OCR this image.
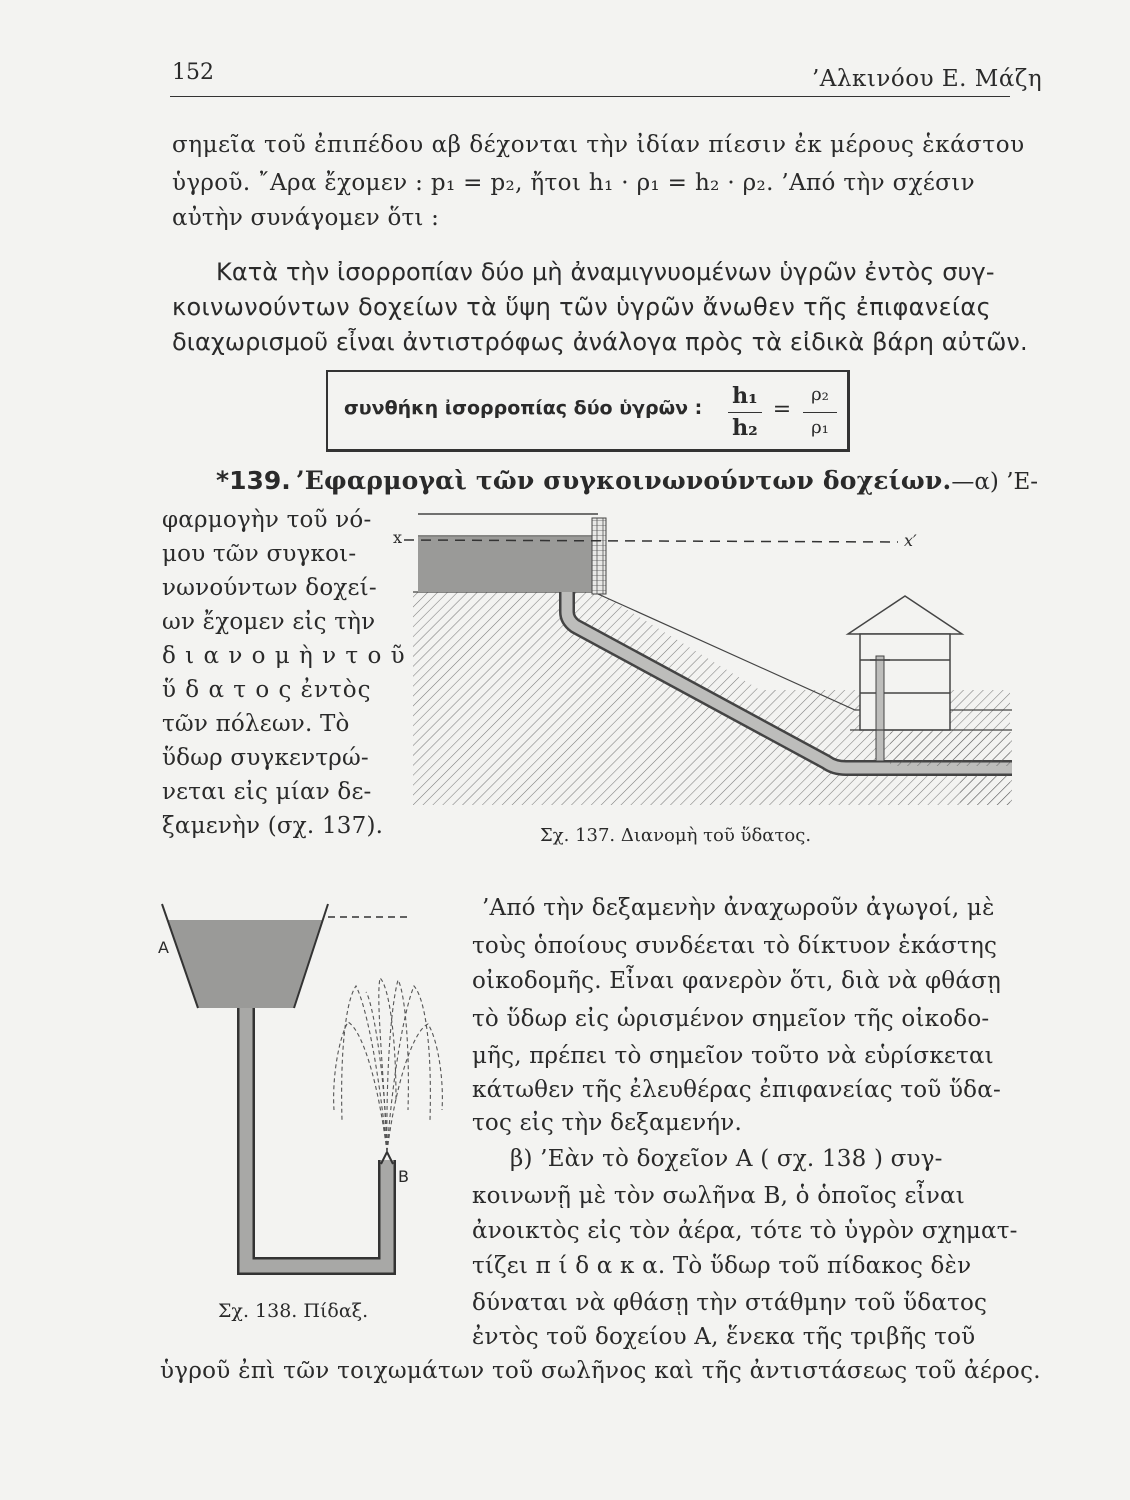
152	’Αλκινόου Ε. Μάζη
σημεῖα τοῦ ἐπιπέδου αβ δέχονται τὴν ἰδίαν πίεσιν ἐκ μέρους ἑκάστου
ὑγροῦ. ῎Αρα ἔχομεν : p₁ = p₂, ἤτοι h₁ · ρ₁ = h₂ · ρ₂. ’Από τὴν σχέσιν
αὐτὴν συνάγομεν ὅτι :
Κατὰ τὴν ἰσορροπίαν δύο μὴ ἀναμιγνυομένων ὑγρῶν ἐντὸς συγ-
κοινωνούντων δοχείων τὰ ὕψη τῶν ὑγρῶν ἄνωθεν τῆς ἐπιφανείας
διαχωρισμοῦ εἶναι ἀντιστρόφως ἀνάλογα πρὸς τὰ εἰδικὰ βάρη αὐτῶν.
συνθήκη ἰσορροπίας δύο ὑγρῶν :	h₁
h₂
=
ρ₂
ρ₁
*139. ’Εφαρμογαὶ τῶν συγκοινωνούντων δοχείων.—α) ’Ε-
φαρμογὴν τοῦ νό-
μου τῶν συγκοι-
νωνούντων δοχεί-
ων ἔχομεν εἰς τὴν
δ ι α ν ο μ ὴ ν τ ο ῦ
ὕ δ α τ ο ς ἐντὸς
τῶν πόλεων. Τὸ
ὕδωρ συγκεντρώ-
νεται εἰς μίαν δε-
ξαμενὴν (σχ. 137).
x	x′
Σχ. 137. Διανομὴ τοῦ ὕδατος.
A
B
Σχ. 138. Πίδαξ.
’Από τὴν δεξαμενὴν ἀναχωροῦν ἀγωγοί, μὲ
τοὺς ὁποίους συνδέεται τὸ δίκτυον ἑκάστης
οἰκοδομῆς. Εἶναι φανερὸν ὅτι, διὰ νὰ φθάσῃ
τὸ ὕδωρ εἰς ὡρισμένον σημεῖον τῆς οἰκοδο-
μῆς, πρέπει τὸ σημεῖον τοῦτο νὰ εὑρίσκεται
κάτωθεν τῆς ἐλευθέρας ἐπιφανείας τοῦ ὕδα-
τος εἰς τὴν δεξαμενήν.
β) ’Εὰν τὸ δοχεῖον A ( σχ. 138 ) συγ-
κοινωνῇ μὲ τὸν σωλῆνα B, ὁ ὁποῖος εἶναι
ἀνοικτὸς εἰς τὸν ἀέρα, τότε τὸ ὑγρὸν σχηματ-
τίζει π ί δ α κ α. Τὸ ὕδωρ τοῦ πίδακος δὲν
δύναται νὰ φθάσῃ τὴν στάθμην τοῦ ὕδατος
ἐντὸς τοῦ δοχείου A, ἕνεκα τῆς τριβῆς τοῦ
ὑγροῦ ἐπὶ τῶν τοιχωμάτων τοῦ σωλῆνος καὶ τῆς ἀντιστάσεως τοῦ ἀέρος.
